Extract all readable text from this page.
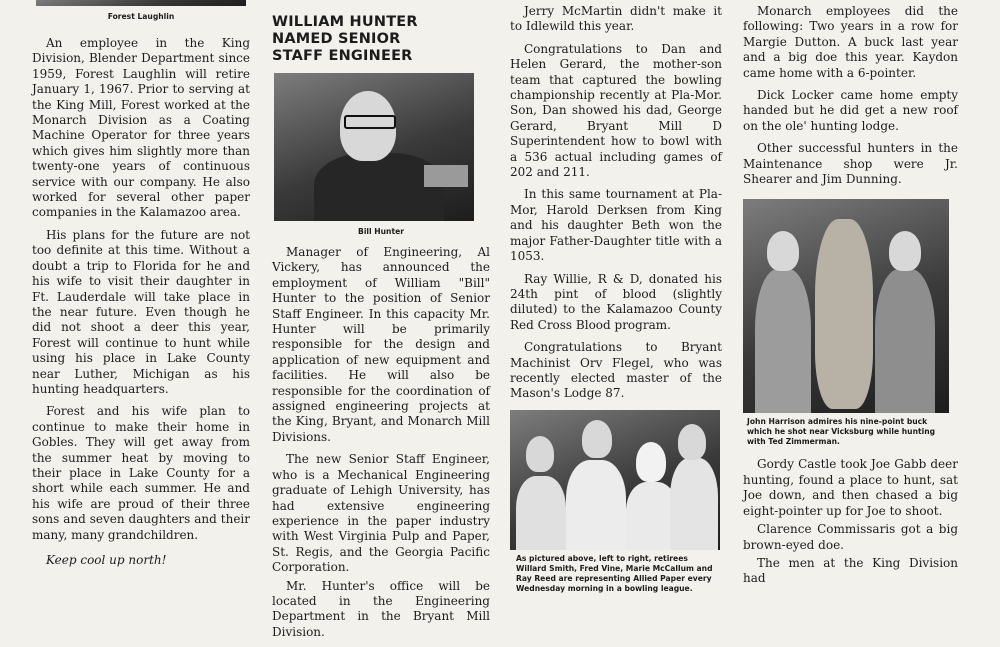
Forest Laughlin

An employee in the King Division, Blender Department since 1959, Forest Laughlin will retire January 1, 1967. Prior to serving at the King Mill, Forest worked at the Monarch Division as a Coating Machine Operator for three years which gives him slightly more than twenty-one years of continuous service with our company. He also worked for several other paper companies in the Kalamazoo area.

His plans for the future are not too definite at this time. Without a doubt a trip to Florida for he and his wife to visit their daughter in Ft. Lauderdale will take place in the near future. Even though he did not shoot a deer this year, Forest will continue to hunt while using his place in Lake County near Luther, Michigan as his hunting headquarters.

Forest and his wife plan to continue to make their home in Gobles. They will get away from the summer heat by moving to their place in Lake County for a short while each summer. He and his wife are proud of their three sons and seven daughters and their many, many grandchildren.

Keep cool up north!

WILLIAM HUNTER
NAMED SENIOR
STAFF ENGINEER
Bill Hunter

Manager of Engineering, Al Vickery, has announced the employment of William "Bill" Hunter to the position of Senior Staff Engineer. In this capacity Mr. Hunter will be primarily responsible for the design and application of new equipment and facilities. He will also be responsible for the coordination of assigned engineering projects at the King, Bryant, and Monarch Mill Divisions.

The new Senior Staff Engineer, who is a Mechanical Engineering graduate of Lehigh University, has had extensive engineering experience in the paper industry with West Virginia Pulp and Paper, St. Regis, and the Georgia Pacific Corporation.

Mr. Hunter's office will be located in the Engineering Department in the Bryant Mill Division.

Jerry McMartin didn't make it to Idlewild this year.

Congratulations to Dan and Helen Gerard, the mother-son team that captured the bowling championship recently at Pla-Mor. Son, Dan showed his dad, George Gerard, Bryant Mill D Superintendent how to bowl with a 536 actual including games of 202 and 211.

In this same tournament at Pla-Mor, Harold Derksen from King and his daughter Beth won the major Father-Daughter title with a 1053.

Ray Willie, R & D, donated his 24th pint of blood (slightly diluted) to the Kalamazoo County Red Cross Blood program.

Congratulations to Bryant Machinist Orv Flegel, who was recently elected master of the Mason's Lodge 87.

As pictured above, left to right, retirees Willard Smith, Fred Vine, Marie McCallum and Ray Reed are representing Allied Paper every Wednesday morning in a bowling league.

Monarch employees did the following: Two years in a row for Margie Dutton. A buck last year and a big doe this year. Kaydon came home with a 6-pointer.

Dick Locker came home empty handed but he did get a new roof on the ole' hunting lodge.

Other successful hunters in the Maintenance shop were Jr. Shearer and Jim Dunning.

John Harrison admires his nine-point buck which he shot near Vicksburg while hunting with Ted Zimmerman.

Gordy Castle took Joe Gabb deer hunting, found a place to hunt, sat Joe down, and then chased a big eight-pointer up for Joe to shoot.

Clarence Commissaris got a big brown-eyed doe.

The men at the King Division had
